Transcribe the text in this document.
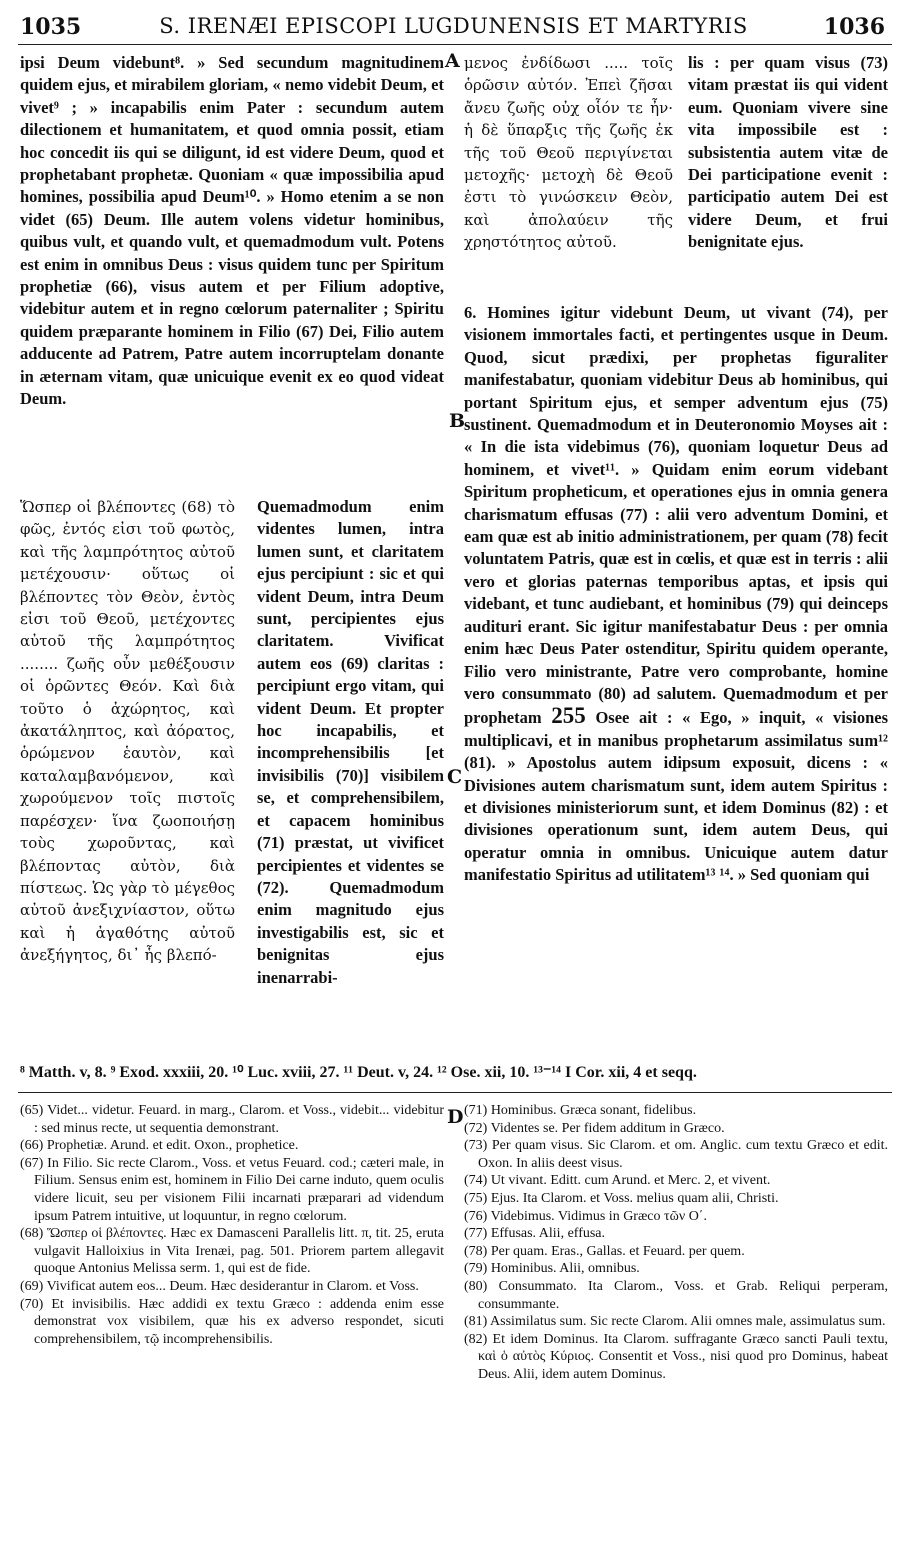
1035	S. IRENÆI EPISCOPI LUGDUNENSIS ET MARTYRIS	1036

ipsi Deum videbunt⁸. » Sed secundum magnitudinem quidem ejus, et mirabilem gloriam, « nemo videbit Deum, et vivet⁹ ; » incapabilis enim Pater : secundum autem dilectionem et humanitatem, et quod omnia possit, etiam hoc concedit iis qui se diligunt, id est videre Deum, quod et prophetabant prophetæ. Quoniam « quæ impossibilia apud homines, possibilia apud Deum¹⁰. » Homo etenim a se non videt (65) Deum. Ille autem volens videtur hominibus, quibus vult, et quando vult, et quemadmodum vult. Potens est enim in omnibus Deus : visus quidem tunc per Spiritum prophetiæ (66), visus autem et per Filium adoptive, videbitur autem et in regno cœlorum paternaliter ; Spiritu quidem præparante hominem in Filio (67) Dei, Filio autem adducente ad Patrem, Patre autem incorruptelam donante in æternam vitam, quæ unicuique evenit ex eo quod videat Deum.

Ὥσπερ οἱ βλέποντες (68) τὸ φῶς, ἐντός εἰσι τοῦ φωτὸς, καὶ τῆς λαμπρότητος αὐτοῦ μετέχουσιν· οὕτως οἱ βλέποντες τὸν Θεὸν, ἐντὸς εἰσι τοῦ Θεοῦ, μετέχοντες αὐτοῦ τῆς λαμπρότητος ........ ζωῆς οὖν μεθέξουσιν οἱ ὁρῶντες Θεόν. Καὶ διὰ τοῦτο ὁ ἀχώρητος, καὶ ἀκατάληπτος, καὶ ἀόρατος, ὁρώμενον ἑαυτὸν, καὶ καταλαμβανόμενον, καὶ χωρούμενον τοῖς πιστοῖς παρέσχεν· ἵνα ζωοποιήσῃ τοὺς χωροῦντας, καὶ βλέποντας αὐτὸν, διὰ πίστεως. Ὡς γὰρ τὸ μέγεθος αὐτοῦ ἀνεξιχνίαστον, οὕτω καὶ ἡ ἀγαθότης αὐτοῦ ἀνεξήγητος, δι᾽ ἧς βλεπό-
Quemadmodum enim videntes lumen, intra lumen sunt, et claritatem ejus percipiunt : sic et qui vident Deum, intra Deum sunt, percipientes ejus claritatem. Vivificat autem eos (69) claritas : percipiunt ergo vitam, qui vident Deum. Et propter hoc incapabilis, et incomprehensibilis [et invisibilis (70)] visibilem se, et comprehensibilem, et capacem hominibus (71) præstat, ut vivificet percipientes et videntes se (72). Quemadmodum enim magnitudo ejus investigabilis est, sic et benignitas ejus inenarrabi-
μενος ἐνδίδωσι ..... τοῖς ὁρῶσιν αὐτόν. Ἐπεὶ ζῆσαι ἄνευ ζωῆς οὐχ οἷόν τε ἦν· ἡ δὲ ὕπαρξις τῆς ζωῆς ἐκ τῆς τοῦ Θεοῦ περιγίνεται μετοχῆς· μετοχὴ δὲ Θεοῦ ἐστι τὸ γινώσκειν Θεὸν, καὶ ἀπολαύειν τῆς χρηστότητος αὐτοῦ.
lis : per quam visus (73) vitam præstat iis qui vident eum. Quoniam vivere sine vita impossibile est : subsistentia autem vitæ de Dei participatione evenit : participatio autem Dei est videre Deum, et frui benignitate ejus.

6. Homines igitur videbunt Deum, ut vivant (74), per visionem immortales facti, et pertingentes usque in Deum. Quod, sicut prædixi, per prophetas figuraliter manifestabatur, quoniam videbitur Deus ab hominibus, qui portant Spiritum ejus, et semper adventum ejus (75) sustinent. Quemadmodum et in Deuteronomio Moyses ait : « In die ista videbimus (76), quoniam loquetur Deus ad hominem, et vivet¹¹. » Quidam enim eorum videbant Spiritum propheticum, et operationes ejus in omnia genera charismatum effusas (77) : alii vero adventum Domini, et eam quæ est ab initio administrationem, per quam (78) fecit voluntatem Patris, quæ est in cœlis, et quæ est in terris : alii vero et glorias paternas temporibus aptas, et ipsis qui videbant, et tunc audiebant, et hominibus (79) qui deinceps audituri erant. Sic igitur manifestabatur Deus : per omnia enim hæc Deus Pater ostenditur, Spiritu quidem operante, Filio vero ministrante, Patre vero comprobante, homine vero consummato (80) ad salutem. Quemadmodum et per prophetam 255 Osee ait : « Ego, » inquit, « visiones multiplicavi, et in manibus prophetarum assimilatus sum¹² (81). » Apostolus autem idipsum exposuit, dicens : « Divisiones autem charismatum sunt, idem autem Spiritus : et divisiones ministeriorum sunt, et idem Dominus (82) : et divisiones operationum sunt, idem autem Deus, qui operatur omnia in omnibus. Unicuique autem datur manifestatio Spiritus ad utilitatem¹³ ¹⁴. » Sed quoniam qui

A
B
C
D
⁸ Matth. v, 8. ⁹ Exod. xxxiii, 20. ¹⁰ Luc. xviii, 27. ¹¹ Deut. v, 24. ¹² Ose. xii, 10. ¹³⁻¹⁴ I Cor. xii, 4 et seqq.
(65) Videt... videtur. Feuard. in marg., Clarom. et Voss., videbit... videbitur : sed minus recte, ut sequentia demonstrant.
(66) Prophetiæ. Arund. et edit. Oxon., prophetice.
(67) In Filio. Sic recte Clarom., Voss. et vetus Feuard. cod.; cæteri male, in Filium. Sensus enim est, hominem in Filio Dei carne induto, quem oculis videre licuit, seu per visionem Filii incarnati præparari ad videndum ipsum Patrem intuitive, ut loquuntur, in regno cœlorum.
(68) Ὥσπερ οἱ βλέποντες. Hæc ex Damasceni Parallelis litt. π, tit. 25, eruta vulgavit Halloixius in Vita Irenæi, pag. 501. Priorem partem allegavit quoque Antonius Melissa serm. 1, qui est de fide.
(69) Vivificat autem eos... Deum. Hæc desiderantur in Clarom. et Voss.
(70) Et invisibilis. Hæc addidi ex textu Græco : addenda enim esse demonstrat vox visibilem, quæ his ex adverso respondet, sicuti comprehensibilem, τῷ incomprehensibilis.
(71) Hominibus. Græca sonant, fidelibus.
(72) Videntes se. Per fidem additum in Græco.
(73) Per quam visus. Sic Clarom. et om. Anglic. cum textu Græco et edit. Oxon. In aliis deest visus.
(74) Ut vivant. Editt. cum Arund. et Merc. 2, et vivent.
(75) Ejus. Ita Clarom. et Voss. melius quam alii, Christi.
(76) Videbimus. Vidimus in Græco τῶν Ο΄.
(77) Effusas. Alii, effusa.
(78) Per quam. Eras., Gallas. et Feuard. per quem.
(79) Hominibus. Alii, omnibus.
(80) Consummato. Ita Clarom., Voss. et Grab. Reliqui perperam, consummante.
(81) Assimilatus sum. Sic recte Clarom. Alii omnes male, assimulatus sum.
(82) Et idem Dominus. Ita Clarom. suffragante Græco sancti Pauli textu, καὶ ὁ αὐτὸς Κύριος. Consentit et Voss., nisi quod pro Dominus, habeat Deus. Alii, idem autem Dominus.
